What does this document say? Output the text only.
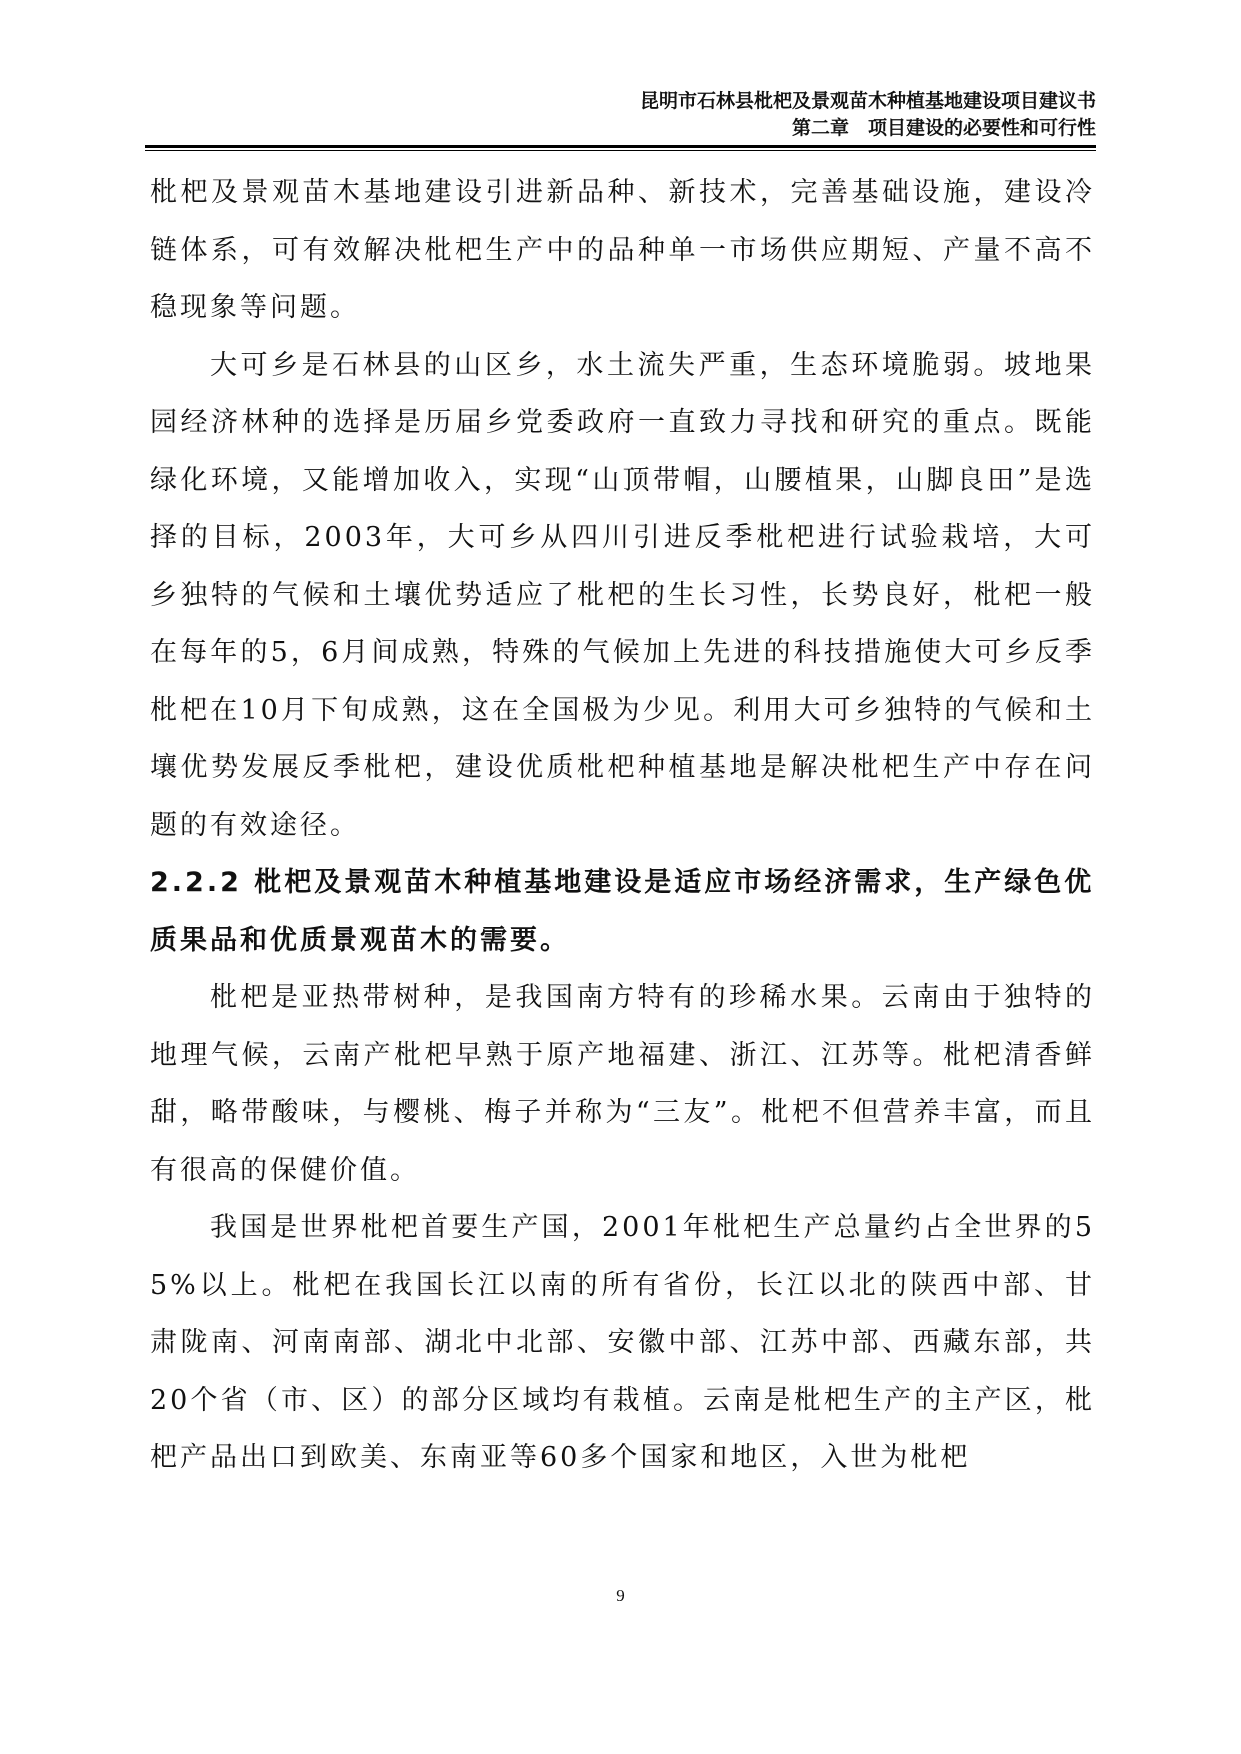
昆明市石林县枇杷及景观苗木种植基地建设项目建议书
第二章　项目建设的必要性和可行性

枇杷及景观苗木基地建设引进新品种、新技术，完善基础设施，建设冷链体系，可有效解决枇杷生产中的品种单一市场供应期短、产量不高不稳现象等问题。

大可乡是石林县的山区乡，水土流失严重，生态环境脆弱。坡地果园经济林种的选择是历届乡党委政府一直致力寻找和研究的重点。既能绿化环境，又能增加收入，实现“山顶带帽，山腰植果，山脚良田”是选择的目标，2003年，大可乡从四川引进反季枇杷进行试验栽培，大可乡独特的气候和土壤优势适应了枇杷的生长习性，长势良好，枇杷一般在每年的5，6月间成熟，特殊的气候加上先进的科技措施使大可乡反季枇杷在10月下旬成熟，这在全国极为少见。利用大可乡独特的气候和土壤优势发展反季枇杷，建设优质枇杷种植基地是解决枇杷生产中存在问题的有效途径。

2.2.2 枇杷及景观苗木种植基地建设是适应市场经济需求，生产绿色优质果品和优质景观苗木的需要。

枇杷是亚热带树种，是我国南方特有的珍稀水果。云南由于独特的地理气候，云南产枇杷早熟于原产地福建、浙江、江苏等。枇杷清香鲜甜，略带酸味，与樱桃、梅子并称为“三友”。枇杷不但营养丰富，而且有很高的保健价值。

我国是世界枇杷首要生产国，2001年枇杷生产总量约占全世界的55%以上。枇杷在我国长江以南的所有省份，长江以北的陕西中部、甘肃陇南、河南南部、湖北中北部、安徽中部、江苏中部、西藏东部，共20个省（市、区）的部分区域均有栽植。云南是枇杷生产的主产区，枇杷产品出口到欧美、东南亚等60多个国家和地区，入世为枇杷

9
